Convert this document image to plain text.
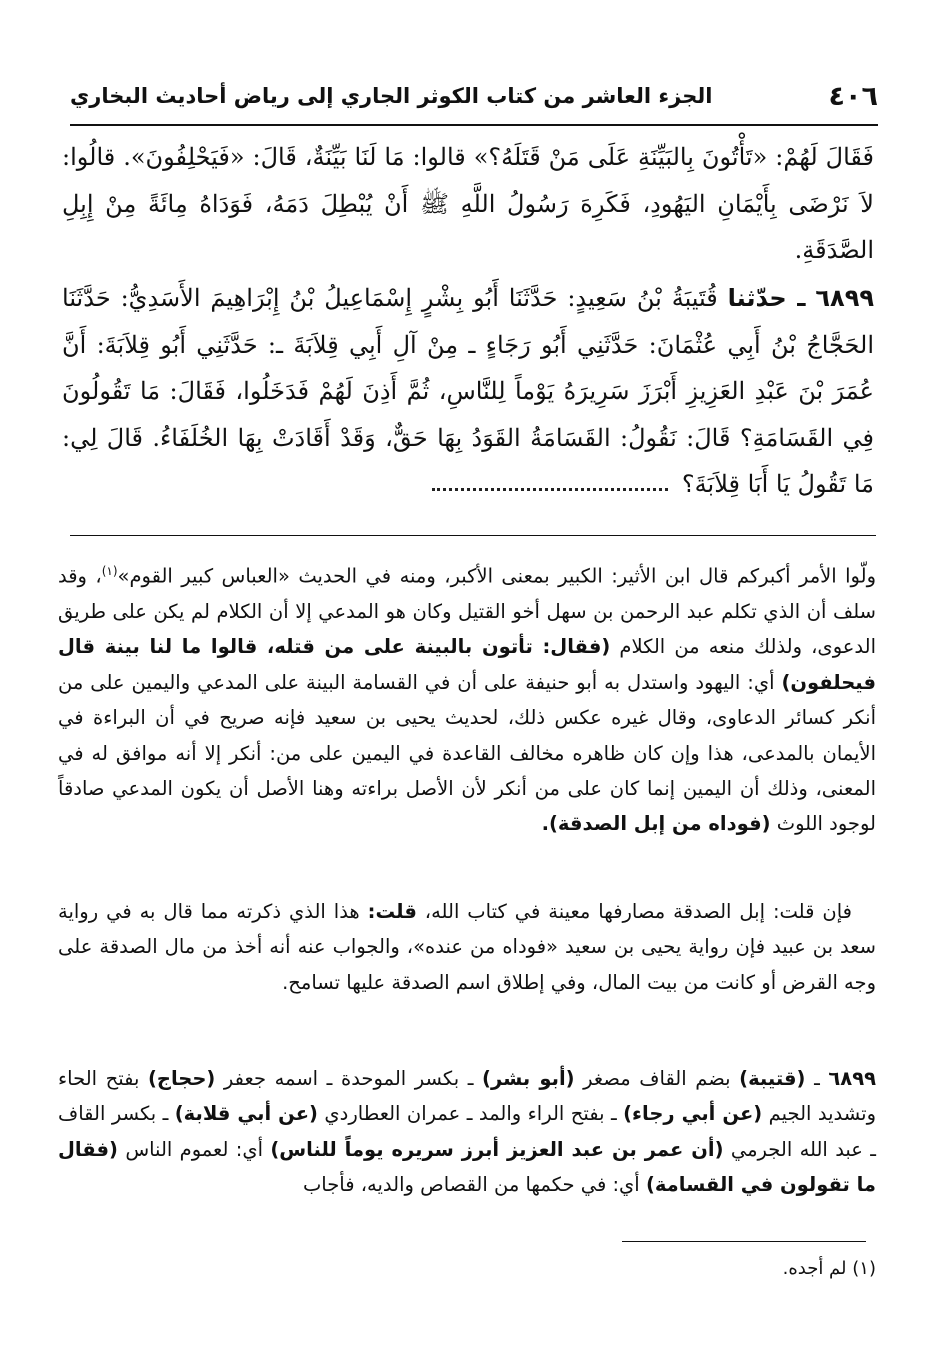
٤٠٦
الجزء العاشر من كتاب الكوثر الجاري إلى رياض أحاديث البخاري

فَقَالَ لَهُمْ: «تَأْتُونَ بِالبَيِّنَةِ عَلَى مَنْ قَتَلَهُ؟» قالوا: مَا لَنَا بَيِّنَةٌ، قَالَ: «فَيَحْلِفُونَ». قالُوا: لاَ نَرْضَى بِأَيْمَانِ اليَهُودِ، فَكَرِهَ رَسُولُ اللَّهِ ﷺ أَنْ يُبْطِلَ دَمَهُ، فَوَدَاهُ مِائَةً مِنْ إِبِلِ الصَّدَقَةِ.

٦٨٩٩ ـ حدّثنا قُتَيبَةُ بْنُ سَعِيدٍ: حَدَّثَنَا أَبُو بِشْرٍ إِسْمَاعِيلُ بْنُ إِبْرَاهِيمَ الأَسَدِيُّ: حَدَّثَنَا الحَجَّاجُ بْنُ أَبِي عُثْمَانَ: حَدَّثَنِي أَبُو رَجَاءٍ ـ مِنْ آلِ أَبِي قِلاَبَةَ ـ: حَدَّثَنِي أَبُو قِلاَبَةَ: أَنَّ عُمَرَ بْنَ عَبْدِ العَزِيزِ أَبْرَزَ سَرِيرَهُ يَوْماً لِلنَّاسِ، ثُمَّ أَذِنَ لَهُمْ فَدَخَلُوا، فَقَالَ: مَا تَقُولُونَ فِي القَسَامَةِ؟ قَالَ: نَقُولُ: القَسَامَةُ القَوَدُ بِهَا حَقٌّ، وَقَدْ أَقَادَتْ بِهَا الخُلَفَاءُ. قَالَ لِي: مَا تَقُولُ يَا أَبَا قِلاَبَةَ؟

ولّوا الأمر أكبركم قال ابن الأثير: الكبير بمعنى الأكبر، ومنه في الحديث «العباس كبير القوم»$^{(١)}$، وقد سلف أن الذي تكلم عبد الرحمن بن سهل أخو القتيل وكان هو المدعي إلا أن الكلام لم يكن على طريق الدعوى، ولذلك منعه من الكلام (فقال: تأتون بالبينة على من قتله، قالوا ما لنا بينة قال فيحلفون) أي: اليهود واستدل به أبو حنيفة على أن في القسامة البينة على المدعي واليمين على من أنكر كسائر الدعاوى، وقال غيره عكس ذلك، لحديث يحيى بن سعيد فإنه صريح في أن البراءة في الأيمان بالمدعى، هذا وإن كان ظاهره مخالف القاعدة في اليمين على من: أنكر إلا أنه موافق له في المعنى، وذلك أن اليمين إنما كان على من أنكر لأن الأصل براءته وهنا الأصل أن يكون المدعي صادقاً لوجود اللوث (فوداه من إبل الصدقة).

فإن قلت: إبل الصدقة مصارفها معينة في كتاب الله، قلت: هذا الذي ذكرته مما قال به في رواية سعد بن عبيد فإن رواية يحيى بن سعيد «فوداه من عنده»، والجواب عنه أنه أخذ من مال الصدقة على وجه القرض أو كانت من بيت المال، وفي إطلاق اسم الصدقة عليها تسامح.

٦٨٩٩ ـ (قتيبة) بضم القاف مصغر (أبو بشر) ـ بكسر الموحدة ـ اسمه جعفر (حجاج) بفتح الحاء وتشديد الجيم (عن أبي رجاء) ـ بفتح الراء والمد ـ عمران العطاردي (عن أبي قلابة) ـ بكسر القاف ـ عبد الله الجرمي (أن عمر بن عبد العزيز أبرز سريره يوماً للناس) أي: لعموم الناس (فقال ما تقولون في القسامة) أي: في حكمها من القصاص والديه، فأجاب

(١) لم أجده.
